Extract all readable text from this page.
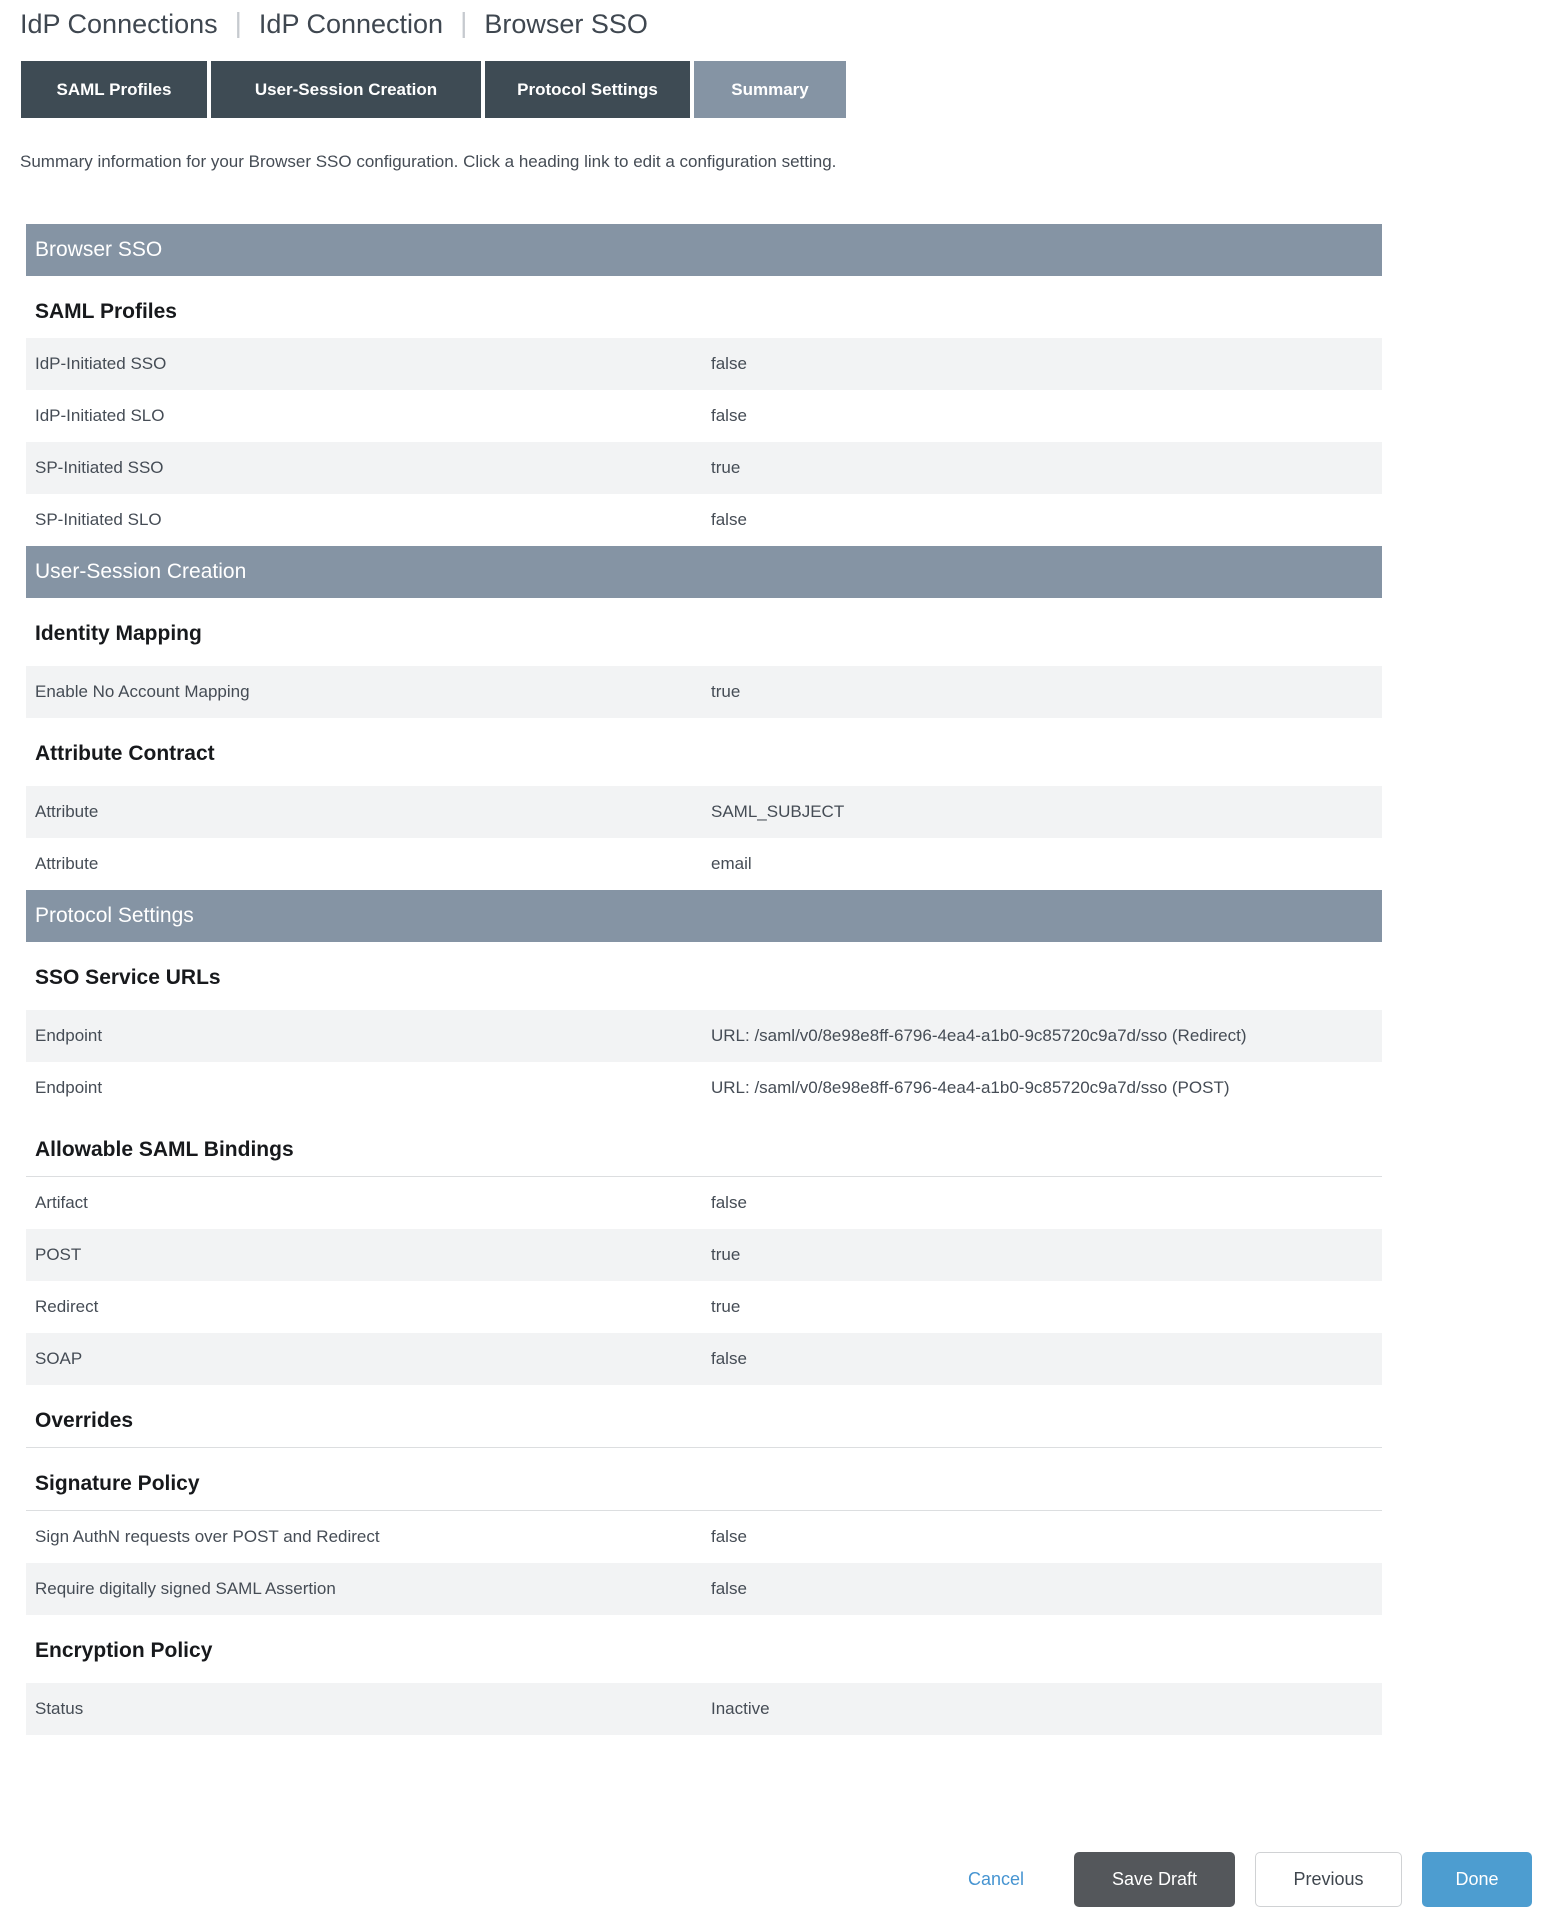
IdP Connections | IdP Connection | Browser SSO
SAML Profiles	User-Session Creation	Protocol Settings	Summary

Summary information for your Browser SSO configuration. Click a heading link to edit a configuration setting.

Browser SSO
SAML Profiles
IdP-Initiated SSO	false
IdP-Initiated SLO	false
SP-Initiated SSO	true
SP-Initiated SLO	false
User-Session Creation
Identity Mapping
Enable No Account Mapping	true
Attribute Contract
Attribute	SAML_SUBJECT
Attribute	email
Protocol Settings
SSO Service URLs
Endpoint	URL: /saml/v0/8e98e8ff-6796-4ea4-a1b0-9c85720c9a7d/sso (Redirect)
Endpoint	URL: /saml/v0/8e98e8ff-6796-4ea4-a1b0-9c85720c9a7d/sso (POST)
Allowable SAML Bindings
Artifact	false
POST	true
Redirect	true
SOAP	false
Overrides
Signature Policy
Sign AuthN requests over POST and Redirect	false
Require digitally signed SAML Assertion	false
Encryption Policy
Status	Inactive
Cancel	Save Draft	Previous	Done
